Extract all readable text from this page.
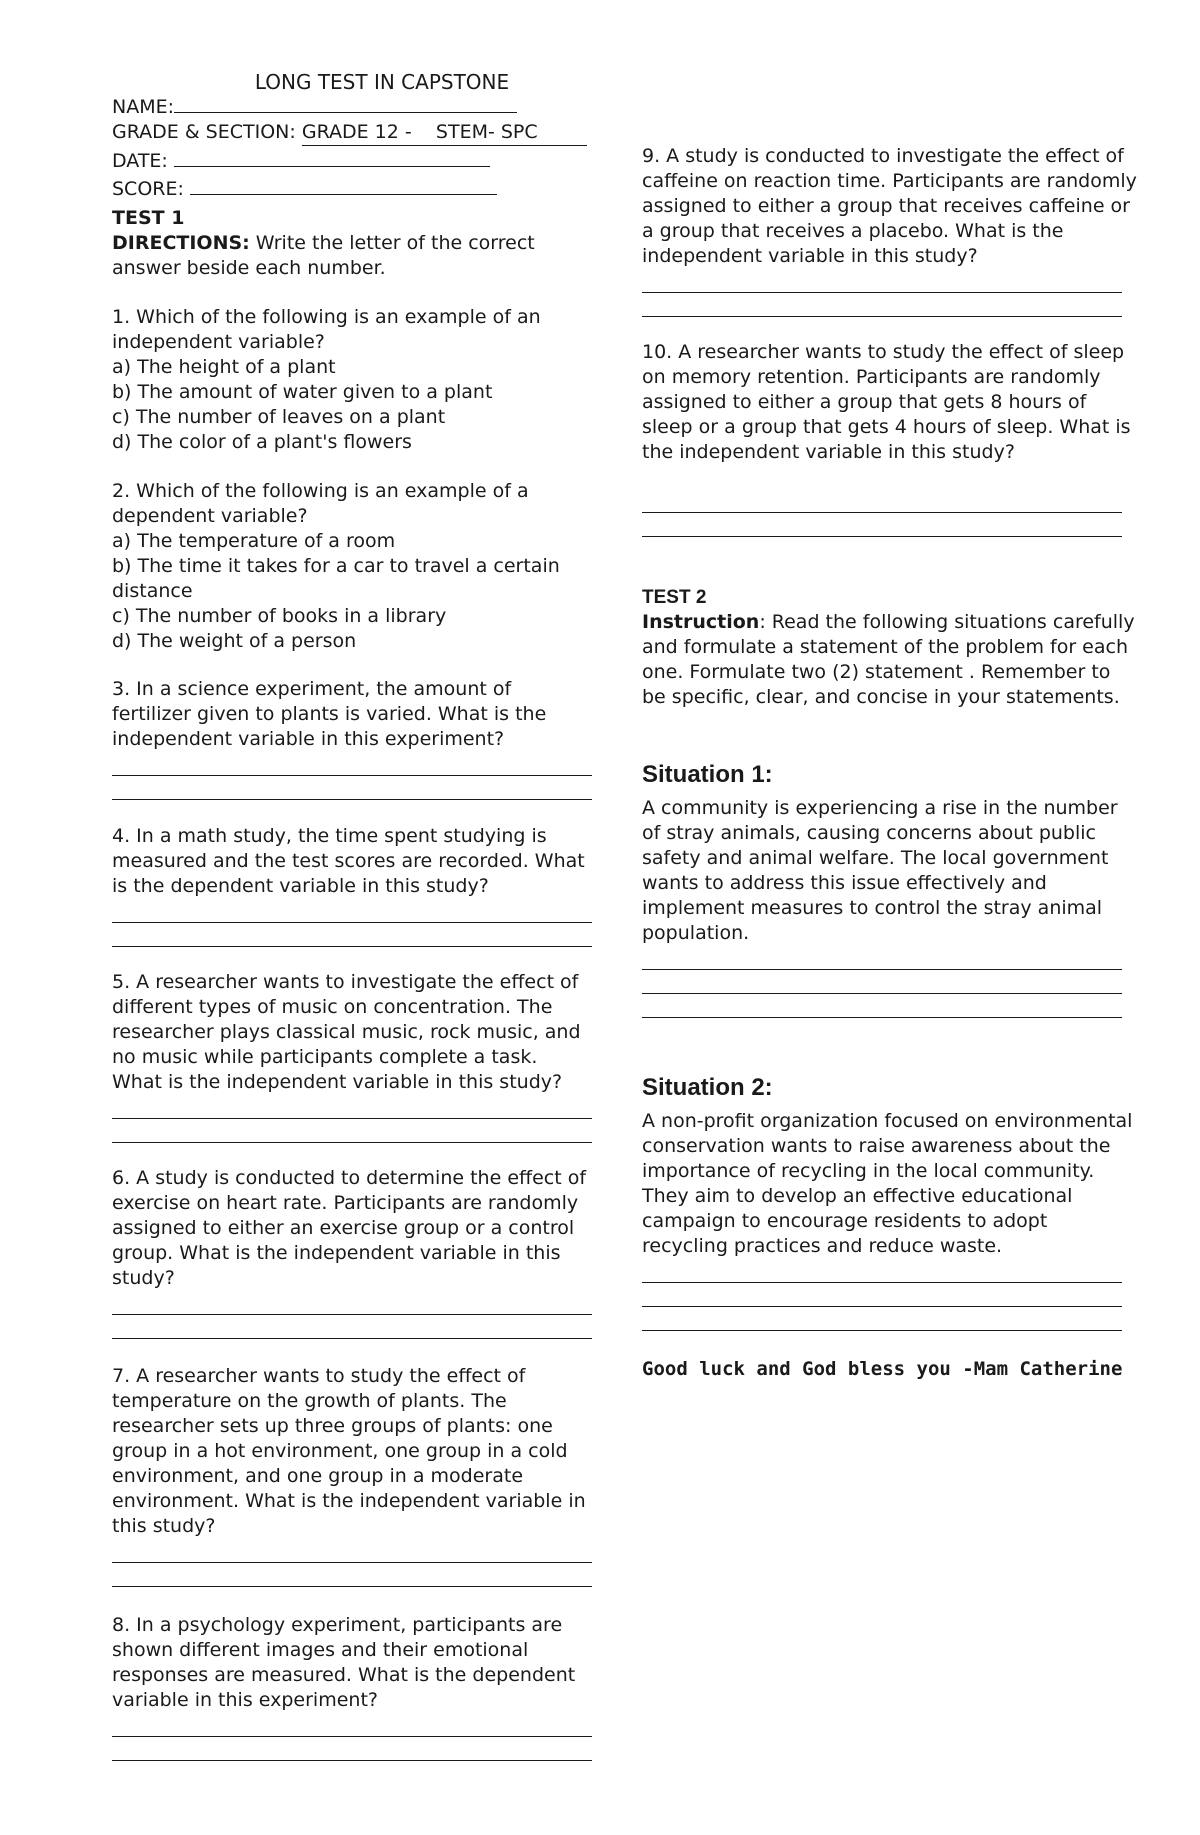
LONG TEST IN CAPSTONE
NAME:
GRADE & SECTION: GRADE 12 -    STEM- SPC
DATE:
SCORE:
TEST 1
DIRECTIONS: Write the letter of the correct answer beside each number.

1. Which of the following is an example of an independent variable?

a) The height of a plant

b) The amount of water given to a plant

c) The number of leaves on a plant

d) The color of a plant's flowers

2. Which of the following is an example of a dependent variable?

a) The temperature of a room

b) The time it takes for a car to travel a certain distance

c) The number of books in a library

d) The weight of a person

3. In a science experiment, the amount of fertilizer given to plants is varied. What is the independent variable in this experiment?

4. In a math study, the time spent studying is measured and the test scores are recorded. What is the dependent variable in this study?

5. A researcher wants to investigate the effect of different types of music on concentration. The researcher plays classical music, rock music, and no music while participants complete a task. What is the independent variable in this study?

6. A study is conducted to determine the effect of exercise on heart rate. Participants are randomly assigned to either an exercise group or a control group. What is the independent variable in this study?

7. A researcher wants to study the effect of temperature on the growth of plants. The researcher sets up three groups of plants: one group in a hot environment, one group in a cold environment, and one group in a moderate environment. What is the independent variable in this study?

8. In a psychology experiment, participants are shown different images and their emotional responses are measured. What is the dependent variable in this experiment?

9. A study is conducted to investigate the effect of caffeine on reaction time. Participants are randomly assigned to either a group that receives caffeine or a group that receives a placebo. What is the independent variable in this study?

10. A researcher wants to study the effect of sleep on memory retention. Participants are randomly assigned to either a group that gets 8 hours of sleep or a group that gets 4 hours of sleep. What is the independent variable in this study?

TEST 2
Instruction: Read the following situations carefully and formulate a statement of the problem for each one. Formulate two (2) statement . Remember to be specific, clear, and concise in your statements.
Situation 1:

A community is experiencing a rise in the number of stray animals, causing concerns about public safety and animal welfare. The local government wants to address this issue effectively and implement measures to control the stray animal population.

Situation 2:

A non-profit organization focused on environmental conservation wants to raise awareness about the importance of recycling in the local community. They aim to develop an effective educational campaign to encourage residents to adopt recycling practices and reduce waste.

Good luck and God bless you -Mam Catherine
